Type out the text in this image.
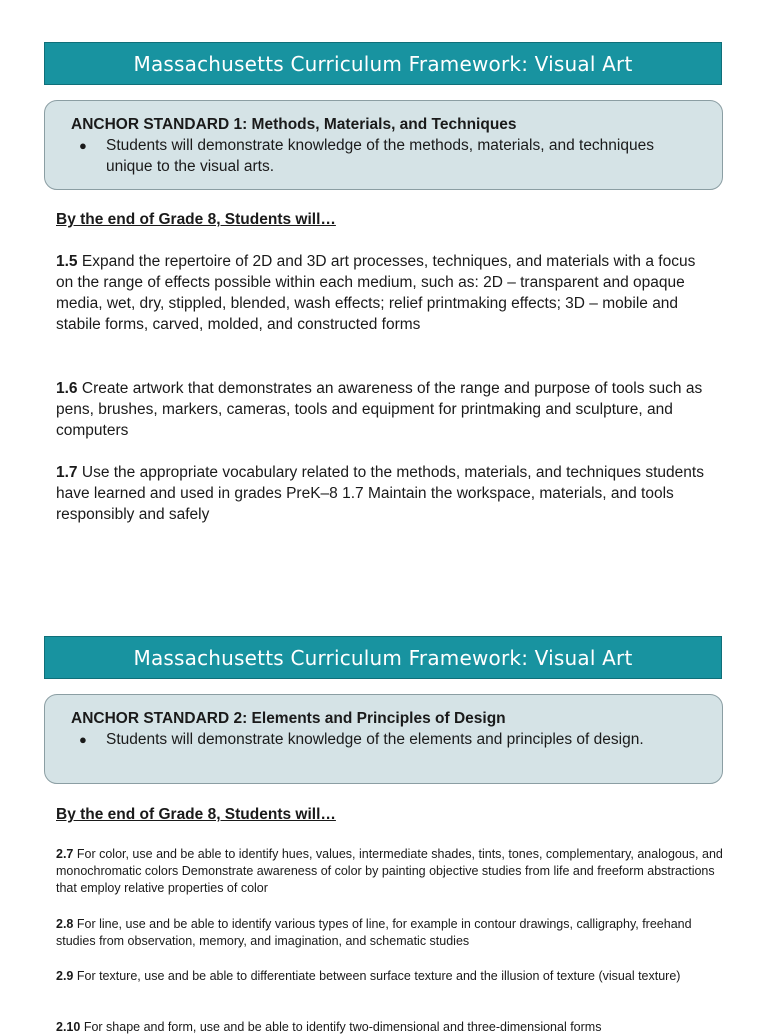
Massachusetts Curriculum Framework: Visual Art
ANCHOR STANDARD 1: Methods, Materials, and Techniques
●	Students will demonstrate knowledge of the methods, materials, and techniques unique to the visual arts.
By the end of Grade 8, Students will…
1.5 Expand the repertoire of 2D and 3D art processes, techniques, and materials with a focus on the range of effects possible within each medium, such as: 2D – transparent and opaque media, wet, dry, stippled, blended, wash effects; relief printmaking effects; 3D – mobile and stabile forms, carved, molded, and constructed forms
1.6 Create artwork that demonstrates an awareness of the range and purpose of tools such as pens, brushes, markers, cameras, tools and equipment for printmaking and sculpture, and computers
1.7 Use the appropriate vocabulary related to the methods, materials, and techniques students have learned and used in grades PreK–8 1.7 Maintain the workspace, materials, and tools responsibly and safely
Massachusetts Curriculum Framework: Visual Art
ANCHOR STANDARD 2: Elements and Principles of Design
●	Students will demonstrate knowledge of the elements and principles of design.
By the end of Grade 8, Students will…
2.7 For color, use and be able to identify hues, values, intermediate shades, tints, tones, complementary, analogous, and monochromatic colors Demonstrate awareness of color by painting objective studies from life and freeform abstractions that employ relative properties of color
2.8 For line, use and be able to identify various types of line, for example in contour drawings, calligraphy, freehand studies from observation, memory, and imagination, and schematic studies
2.9 For texture, use and be able to differentiate between surface texture and the illusion of texture (visual texture)
2.10 For shape and form, use and be able to identify two-dimensional and three-dimensional forms
